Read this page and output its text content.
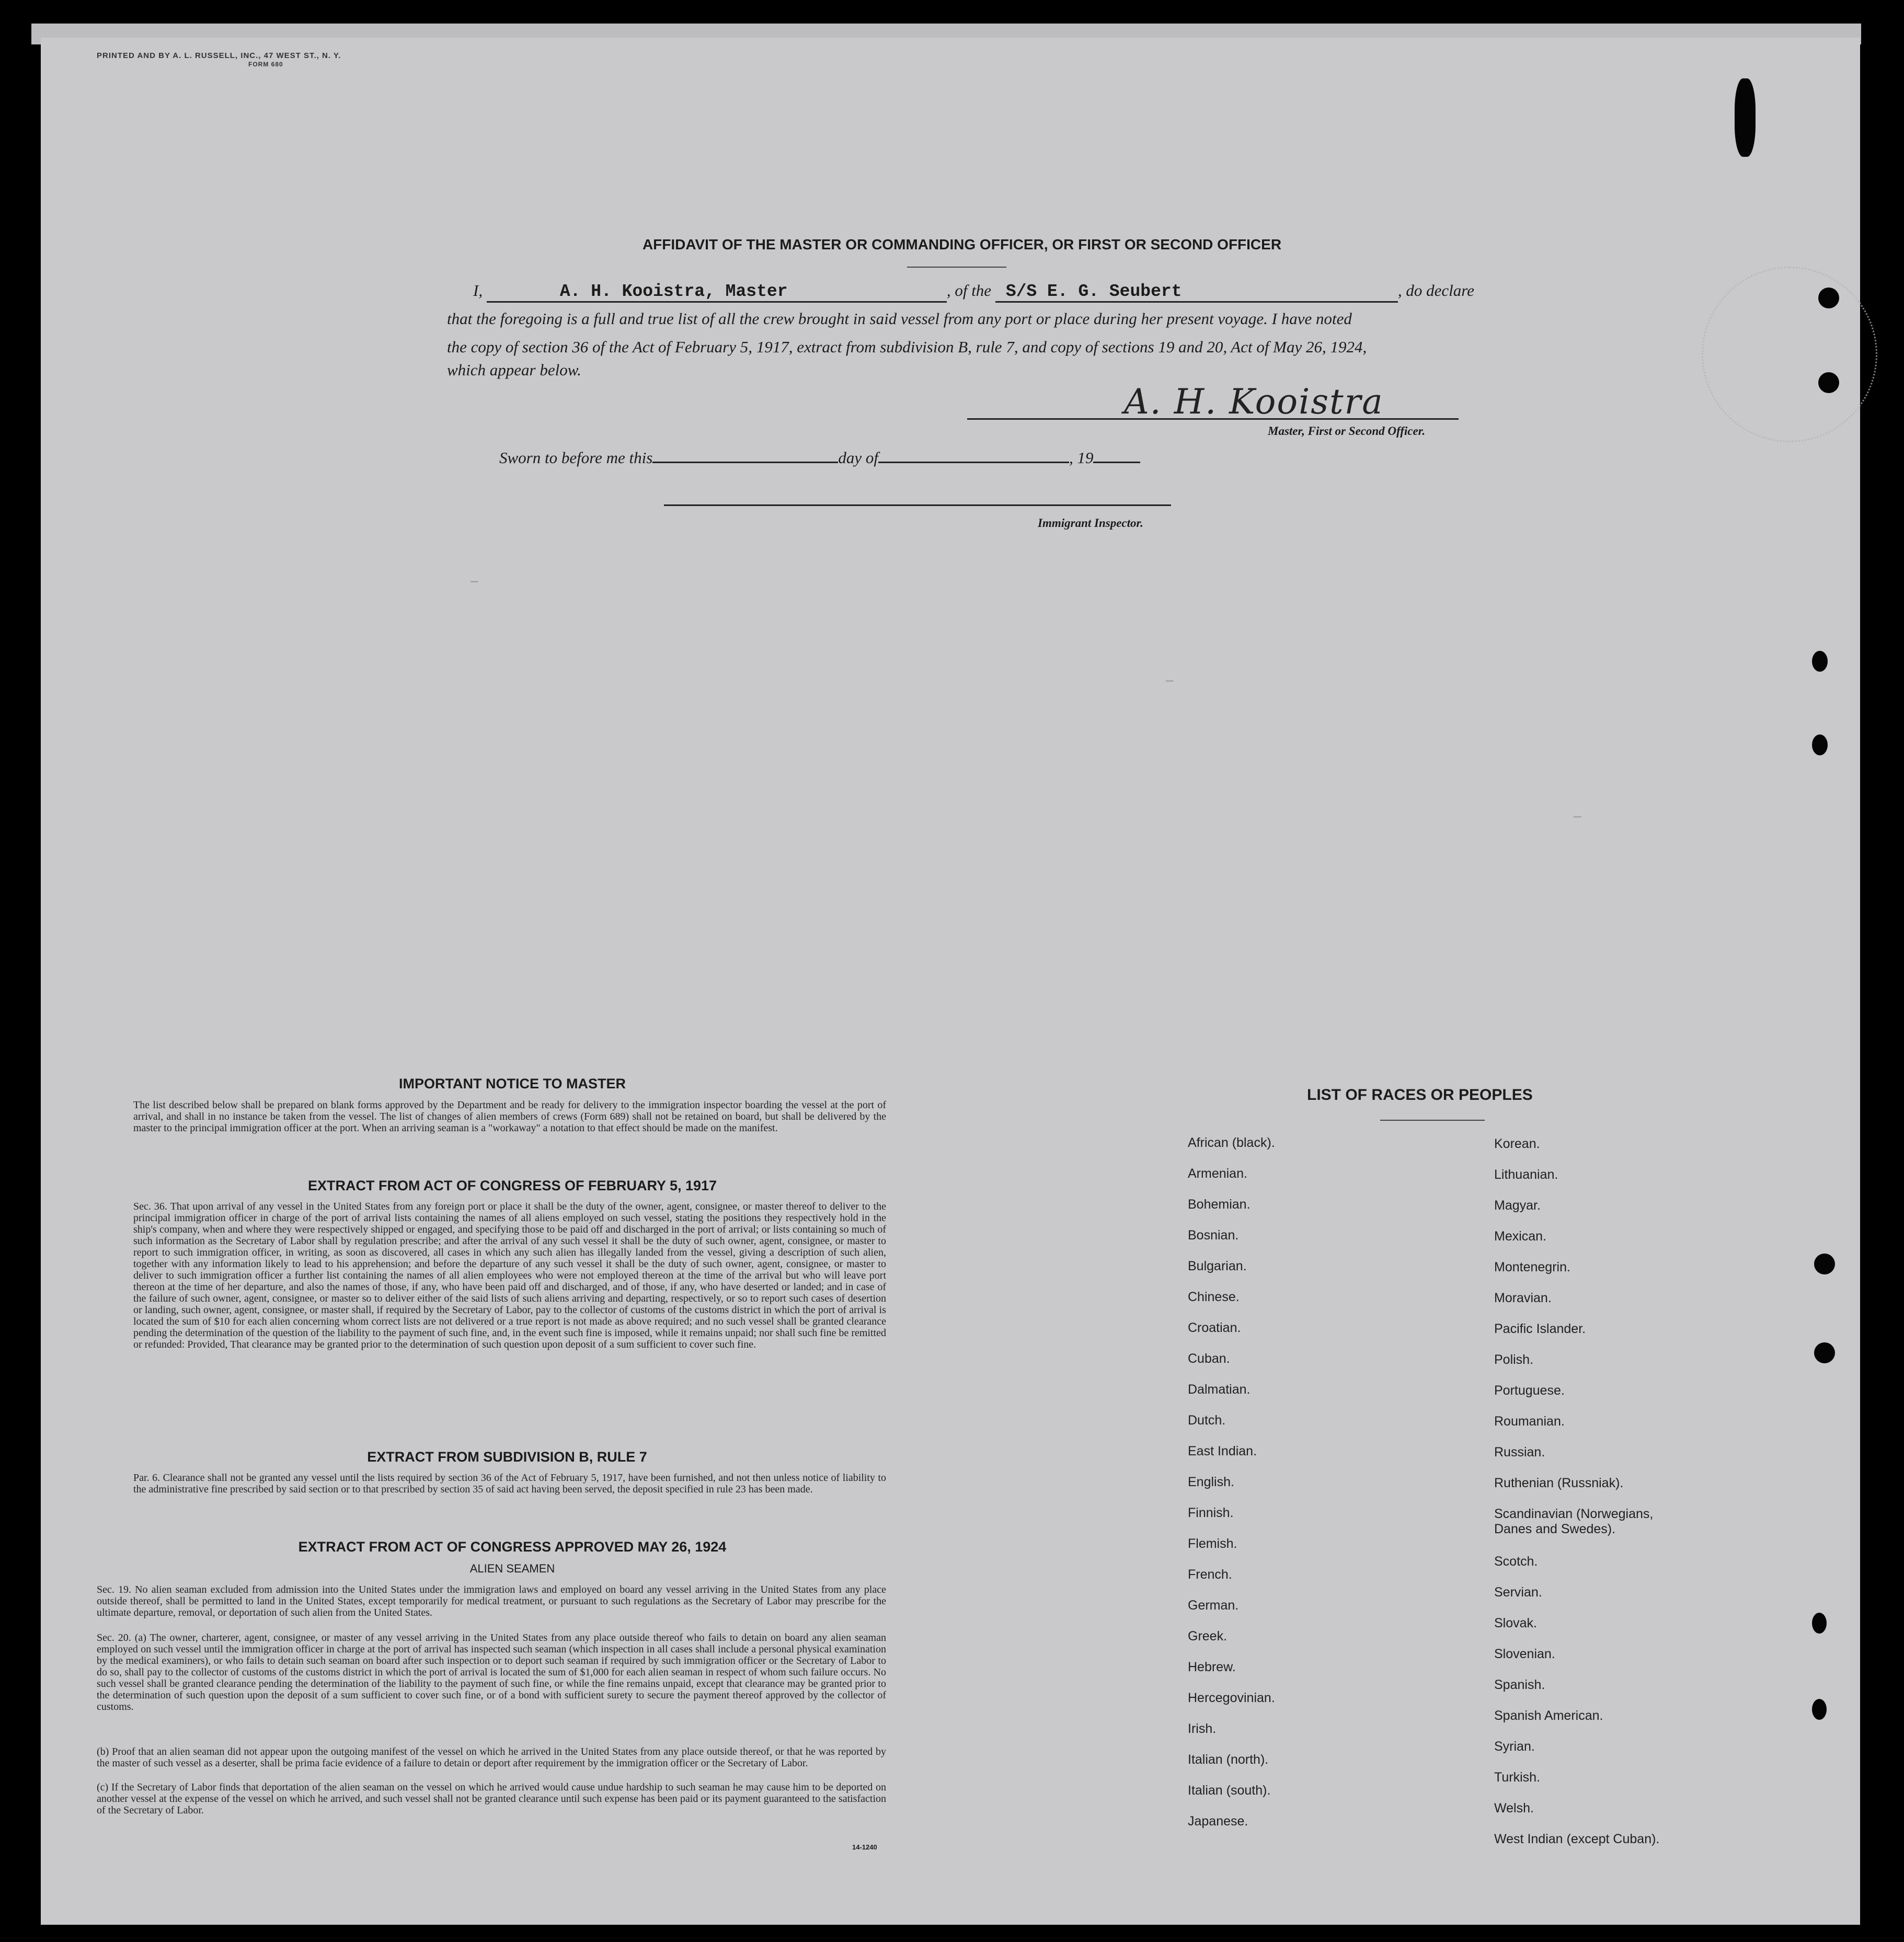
PRINTED AND BY A. L. RUSSELL, INC., 47 WEST ST., N. Y.
FORM 680
AFFIDAVIT OF THE MASTER OR COMMANDING OFFICER, OR FIRST OR SECOND OFFICER
I,	A. H. Kooistra, Master	, of the S/S E. G. Seubert	, do declare
that the foregoing is a full and true list of all the crew brought in said vessel from any port or place during her present voyage. I have noted
the copy of section 36 of the Act of February 5, 1917, extract from subdivision B, rule 7, and copy of sections 19 and 20, Act of May 26, 1924,
which appear below.
A. H. Kooistra
Master, First or Second Officer.
Sworn to before me this	day of	, 19
Immigrant Inspector.
—
—
—
IMPORTANT NOTICE TO MASTER
The list described below shall be prepared on blank forms approved by the Department and be ready for delivery to the immigration inspector boarding the vessel at the port of arrival, and shall in no instance be taken from the vessel. The list of changes of alien members of crews (Form 689) shall not be retained on board, but shall be delivered by the master to the principal immigration officer at the port. When an arriving seaman is a "workaway" a notation to that effect should be made on the manifest.
EXTRACT FROM ACT OF CONGRESS OF FEBRUARY 5, 1917
Sec. 36. That upon arrival of any vessel in the United States from any foreign port or place it shall be the duty of the owner, agent, consignee, or master thereof to deliver to the principal immigration officer in charge of the port of arrival lists containing the names of all aliens employed on such vessel, stating the positions they respectively hold in the ship's company, when and where they were respectively shipped or engaged, and specifying those to be paid off and discharged in the port of arrival; or lists containing so much of such information as the Secretary of Labor shall by regulation prescribe; and after the arrival of any such vessel it shall be the duty of such owner, agent, consignee, or master to report to such immigration officer, in writing, as soon as discovered, all cases in which any such alien has illegally landed from the vessel, giving a description of such alien, together with any information likely to lead to his apprehension; and before the departure of any such vessel it shall be the duty of such owner, agent, consignee, or master to deliver to such immigration officer a further list containing the names of all alien employees who were not employed thereon at the time of the arrival but who will leave port thereon at the time of her departure, and also the names of those, if any, who have been paid off and discharged, and of those, if any, who have deserted or landed; and in case of the failure of such owner, agent, consignee, or master so to deliver either of the said lists of such aliens arriving and departing, respectively, or so to report such cases of desertion or landing, such owner, agent, consignee, or master shall, if required by the Secretary of Labor, pay to the collector of customs of the customs district in which the port of arrival is located the sum of $10 for each alien concerning whom correct lists are not delivered or a true report is not made as above required; and no such vessel shall be granted clearance pending the determination of the question of the liability to the payment of such fine, and, in the event such fine is imposed, while it remains unpaid; nor shall such fine be remitted or refunded: Provided, That clearance may be granted prior to the determination of such question upon deposit of a sum sufficient to cover such fine.
EXTRACT FROM SUBDIVISION B, RULE 7
Par. 6. Clearance shall not be granted any vessel until the lists required by section 36 of the Act of February 5, 1917, have been furnished, and not then unless notice of liability to the administrative fine prescribed by said section or to that prescribed by section 35 of said act having been served, the deposit specified in rule 23 has been made.
EXTRACT FROM ACT OF CONGRESS APPROVED MAY 26, 1924
ALIEN SEAMEN
Sec. 19. No alien seaman excluded from admission into the United States under the immigration laws and employed on board any vessel arriving in the United States from any place outside thereof, shall be permitted to land in the United States, except temporarily for medical treatment, or pursuant to such regulations as the Secretary of Labor may prescribe for the ultimate departure, removal, or deportation of such alien from the United States.
Sec. 20. (a) The owner, charterer, agent, consignee, or master of any vessel arriving in the United States from any place outside thereof who fails to detain on board any alien seaman employed on such vessel until the immigration officer in charge at the port of arrival has inspected such seaman (which inspection in all cases shall include a personal physical examination by the medical examiners), or who fails to detain such seaman on board after such inspection or to deport such seaman if required by such immigration officer or the Secretary of Labor to do so, shall pay to the collector of customs of the customs district in which the port of arrival is located the sum of $1,000 for each alien seaman in respect of whom such failure occurs. No such vessel shall be granted clearance pending the determination of the liability to the payment of such fine, or while the fine remains unpaid, except that clearance may be granted prior to the determination of such question upon the deposit of a sum sufficient to cover such fine, or of a bond with sufficient surety to secure the payment thereof approved by the collector of customs.
(b) Proof that an alien seaman did not appear upon the outgoing manifest of the vessel on which he arrived in the United States from any place outside thereof, or that he was reported by the master of such vessel as a deserter, shall be prima facie evidence of a failure to detain or deport after requirement by the immigration officer or the Secretary of Labor.
(c) If the Secretary of Labor finds that deportation of the alien seaman on the vessel on which he arrived would cause undue hardship to such seaman he may cause him to be deported on another vessel at the expense of the vessel on which he arrived, and such vessel shall not be granted clearance until such expense has been paid or its payment guaranteed to the satisfaction of the Secretary of Labor.
14-1240
LIST OF RACES OR PEOPLES
African (black).
Armenian.
Bohemian.
Bosnian.
Bulgarian.
Chinese.
Croatian.
Cuban.
Dalmatian.
Dutch.
East Indian.
English.
Finnish.
Flemish.
French.
German.
Greek.
Hebrew.
Hercegovinian.
Irish.
Italian (north).
Italian (south).
Japanese.
Korean.
Lithuanian.
Magyar.
Mexican.
Montenegrin.
Moravian.
Pacific Islander.
Polish.
Portuguese.
Roumanian.
Russian.
Ruthenian (Russniak).
Scandinavian (Norwegians, Danes and Swedes).
Scotch.
Servian.
Slovak.
Slovenian.
Spanish.
Spanish American.
Syrian.
Turkish.
Welsh.
West Indian (except Cuban).
